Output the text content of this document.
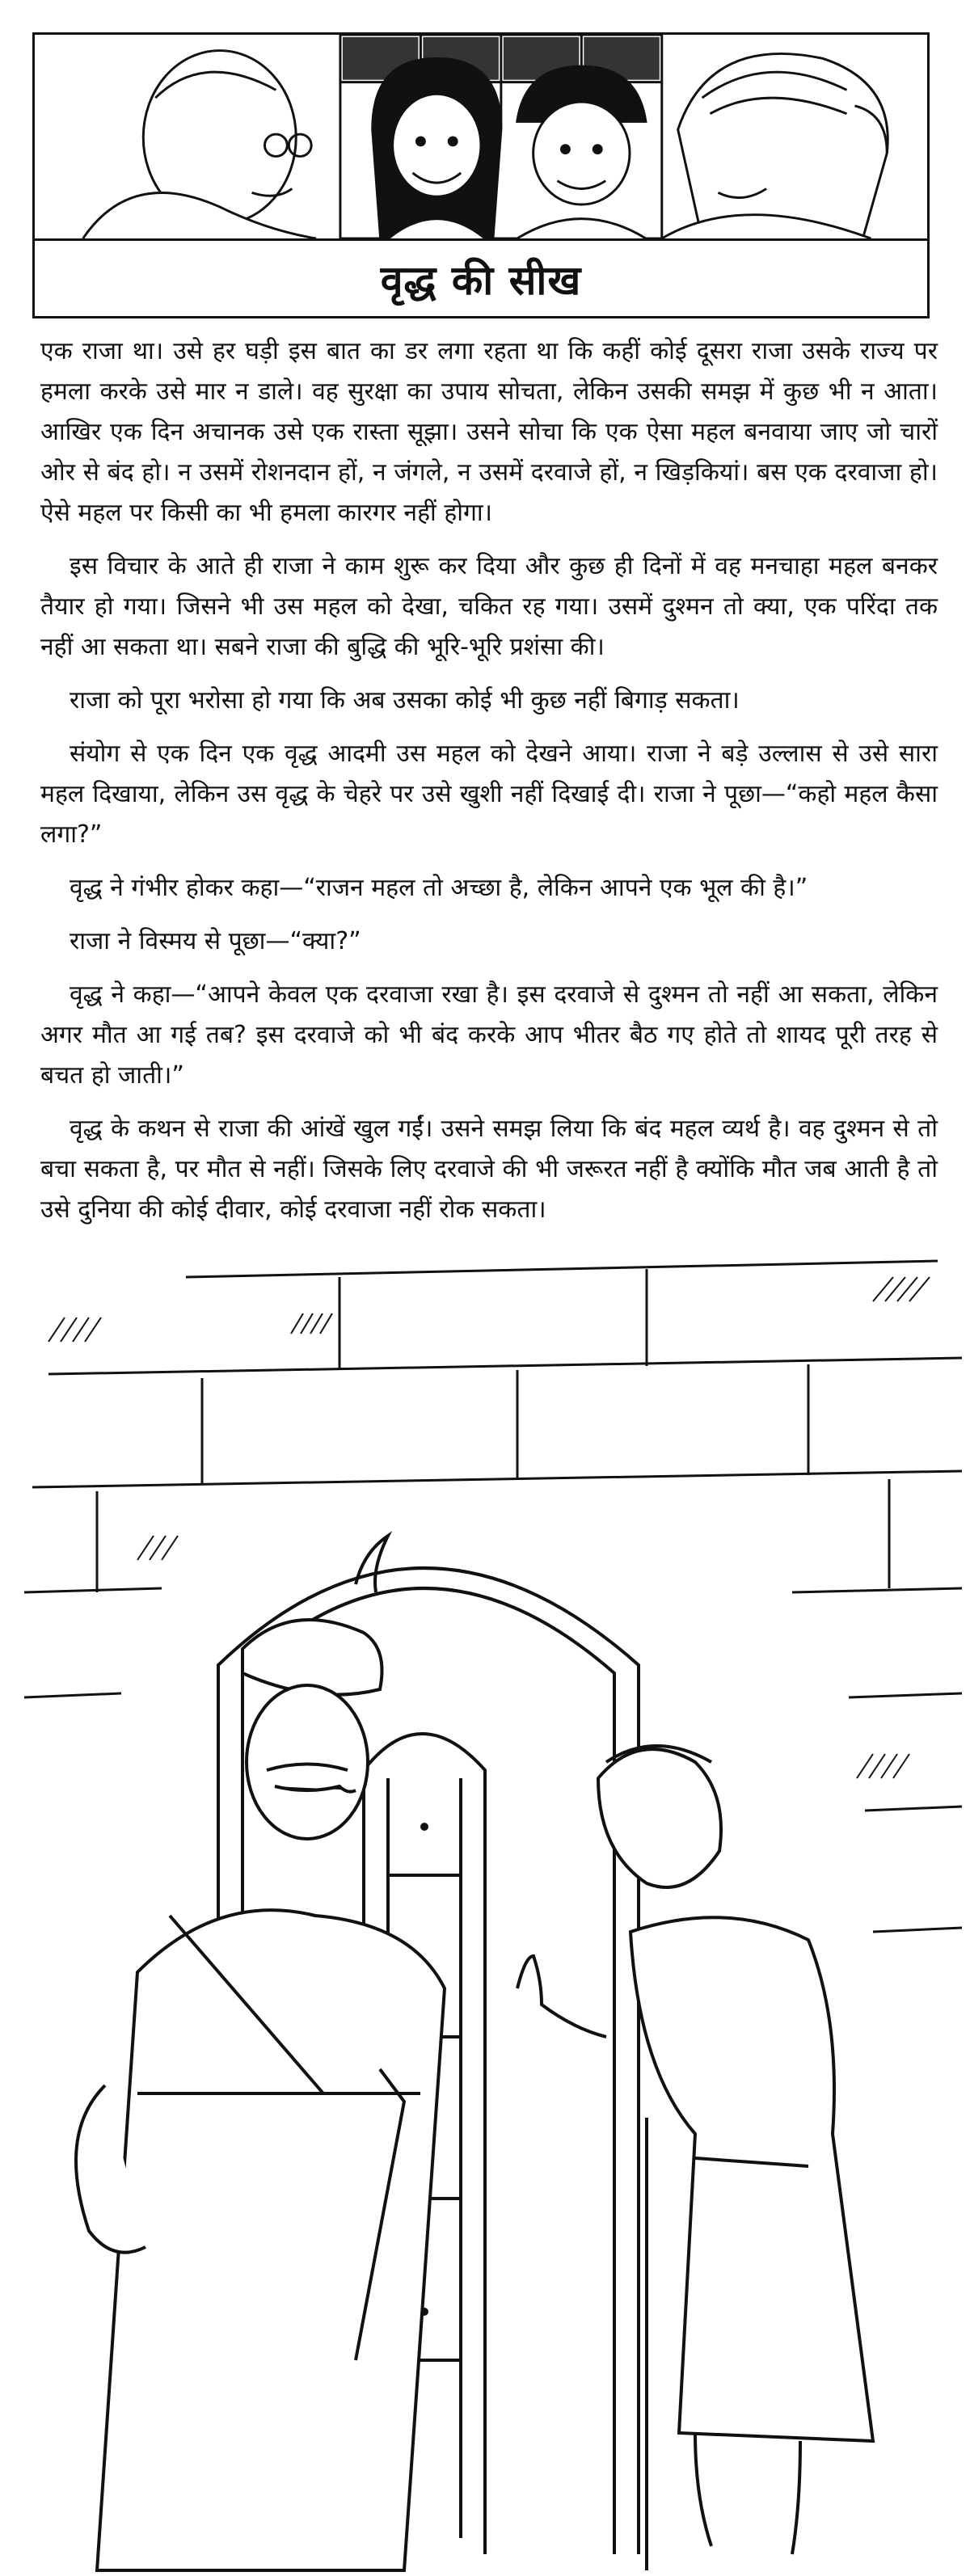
वृद्ध की सीख

एक राजा था। उसे हर घड़ी इस बात का डर लगा रहता था कि कहीं कोई दूसरा राजा उसके राज्य पर हमला करके उसे मार न डाले। वह सुरक्षा का उपाय सोचता, लेकिन उसकी समझ में कुछ भी न आता। आखिर एक दिन अचानक उसे एक रास्ता सूझा। उसने सोचा कि एक ऐसा महल बनवाया जाए जो चारों ओर से बंद हो। न उसमें रोशनदान हों, न जंगले, न उसमें दरवाजे हों, न खिड़कियां। बस एक दरवाजा हो। ऐसे महल पर किसी का भी हमला कारगर नहीं होगा।

इस विचार के आते ही राजा ने काम शुरू कर दिया और कुछ ही दिनों में वह मनचाहा महल बनकर तैयार हो गया। जिसने भी उस महल को देखा, चकित रह गया। उसमें दुश्मन तो क्या, एक परिंदा तक नहीं आ सकता था। सबने राजा की बुद्धि की भूरि-भूरि प्रशंसा की।

राजा को पूरा भरोसा हो गया कि अब उसका कोई भी कुछ नहीं बिगाड़ सकता।

संयोग से एक दिन एक वृद्ध आदमी उस महल को देखने आया। राजा ने बड़े उल्लास से उसे सारा महल दिखाया, लेकिन उस वृद्ध के चेहरे पर उसे खुशी नहीं दिखाई दी। राजा ने पूछा—“कहो महल कैसा लगा?”

वृद्ध ने गंभीर होकर कहा—“राजन महल तो अच्छा है, लेकिन आपने एक भूल की है।”

राजा ने विस्मय से पूछा—“क्या?”

वृद्ध ने कहा—“आपने केवल एक दरवाजा रखा है। इस दरवाजे से दुश्मन तो नहीं आ सकता, लेकिन अगर मौत आ गई तब? इस दरवाजे को भी बंद करके आप भीतर बैठ गए होते तो शायद पूरी तरह से बचत हो जाती।”

वृद्ध के कथन से राजा की आंखें खुल गईं। उसने समझ लिया कि बंद महल व्यर्थ है। वह दुश्मन से तो बचा सकता है, पर मौत से नहीं। जिसके लिए दरवाजे की भी जरूरत नहीं है क्योंकि मौत जब आती है तो उसे दुनिया की कोई दीवार, कोई दरवाजा नहीं रोक सकता।
